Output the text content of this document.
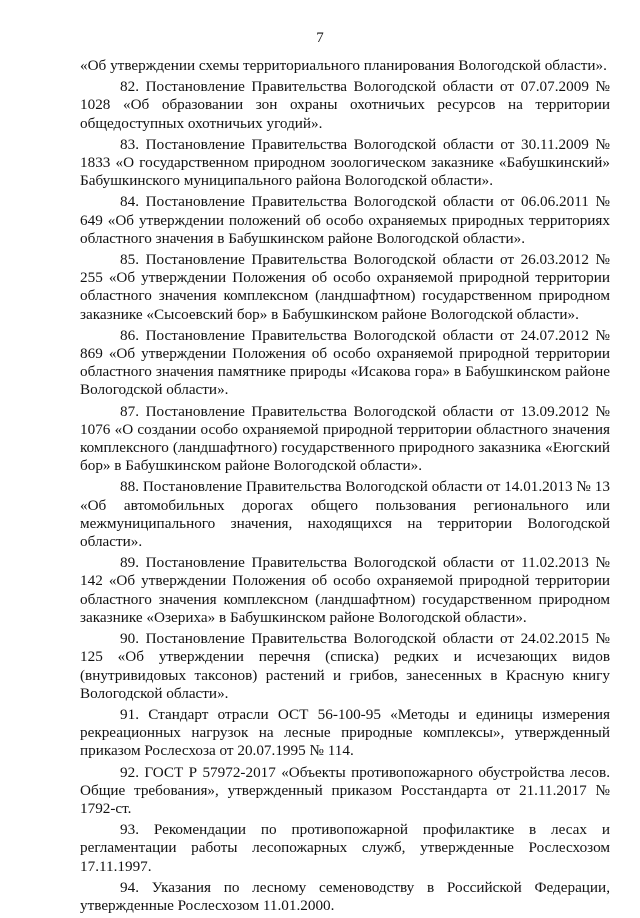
7

«Об утверждении схемы территориального планирования Вологодской области».

82. Постановление Правительства Вологодской области от 07.07.2009 № 1028 «Об образовании зон охраны охотничьих ресурсов на территории общедоступных охотничьих угодий».

83. Постановление Правительства Вологодской области от 30.11.2009 № 1833 «О государственном природном зоологическом заказнике «Бабушкинский» Бабушкинского муниципального района Вологодской области».

84. Постановление Правительства Вологодской области от 06.06.2011 № 649 «Об утверждении положений об особо охраняемых природных территориях областного значения в Бабушкинском районе Вологодской области».

85. Постановление Правительства Вологодской области от 26.03.2012 № 255 «Об утверждении Положения об особо охраняемой природной территории областного значения комплексном (ландшафтном) государственном природном заказнике «Сысоевский бор» в Бабушкинском районе Вологодской области».

86. Постановление Правительства Вологодской области от 24.07.2012 № 869 «Об утверждении Положения об особо охраняемой природной территории областного значения памятнике природы «Исакова гора» в Бабушкинском районе Вологодской области».

87. Постановление Правительства Вологодской области от 13.09.2012 № 1076 «О создании особо охраняемой природной территории областного значения комплексного (ландшафтного) государственного природного заказника «Еюгский бор» в Бабушкинском районе Вологодской области».

88. Постановление Правительства Вологодской области от 14.01.2013 № 13 «Об автомобильных дорогах общего пользования регионального или межмуниципального значения, находящихся на территории Вологодской области».

89. Постановление Правительства Вологодской области от 11.02.2013 № 142 «Об утверждении Положения об особо охраняемой природной территории областного значения комплексном (ландшафтном) государственном природном заказнике «Озериха» в Бабушкинском районе Вологодской области».

90. Постановление Правительства Вологодской области от 24.02.2015 № 125 «Об утверждении перечня (списка) редких и исчезающих видов (внутривидовых таксонов) растений и грибов, занесенных в Красную книгу Вологодской области».

91. Стандарт отрасли ОСТ 56-100-95 «Методы и единицы измерения рекреационных нагрузок на лесные природные комплексы», утвержденный приказом Рослесхоза от 20.07.1995 № 114.

92. ГОСТ Р 57972-2017 «Объекты противопожарного обустройства лесов. Общие требования», утвержденный приказом Росстандарта от 21.11.2017 № 1792-ст.

93. Рекомендации по противопожарной профилактике в лесах и регламентации работы лесопожарных служб, утвержденные Рослесхозом 17.11.1997.

94. Указания по лесному семеноводству в Российской Федерации, утвержденные Рослесхозом 11.01.2000.
